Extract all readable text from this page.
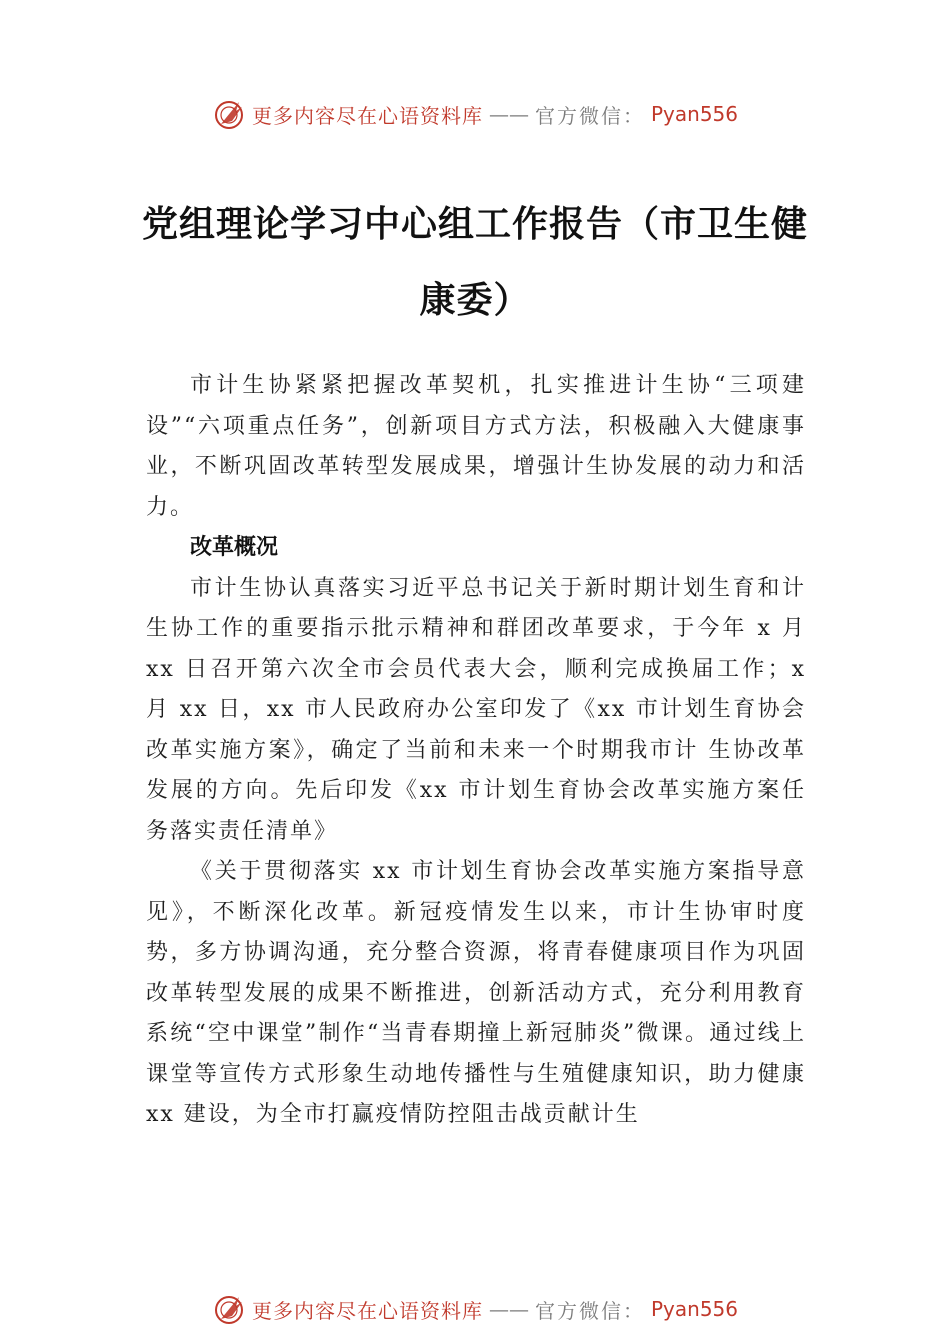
更多内容尽在心语资料库 —— 官方微信： Pyan556
党组理论学习中心组工作报告（市卫生健康委）

市计生协紧紧把握改革契机，扎实推进计生协“三项建设”“六项重点任务”，创新项目方式方法，积极融入大健康事业，不断巩固改革转型发展成果，增强计生协发展的动力和活力。

改革概况

市计生协认真落实习近平总书记关于新时期计划生育和计生协工作的重要指示批示精神和群团改革要求，于今年 x 月 xx 日召开第六次全市会员代表大会，顺利完成换届工作；x 月 xx 日，xx 市人民政府办公室印发了《xx 市计划生育协会改革实施方案》，确定了当前和未来一个时期我市计 生协改革发展的方向。先后印发《xx 市计划生育协会改革实施方案任务落实责任清单》

《关于贯彻落实 xx 市计划生育协会改革实施方案指导意见》，不断深化改革。新冠疫情发生以来，市计生协审时度势，多方协调沟通，充分整合资源，将青春健康项目作为巩固改革转型发展的成果不断推进，创新活动方式，充分利用教育系统“空中课堂”制作“当青春期撞上新冠肺炎”微课。通过线上课堂等宣传方式形象生动地传播性与生殖健康知识，助力健康 xx 建设，为全市打赢疫情防控阻击战贡献计生

更多内容尽在心语资料库 —— 官方微信： Pyan556
